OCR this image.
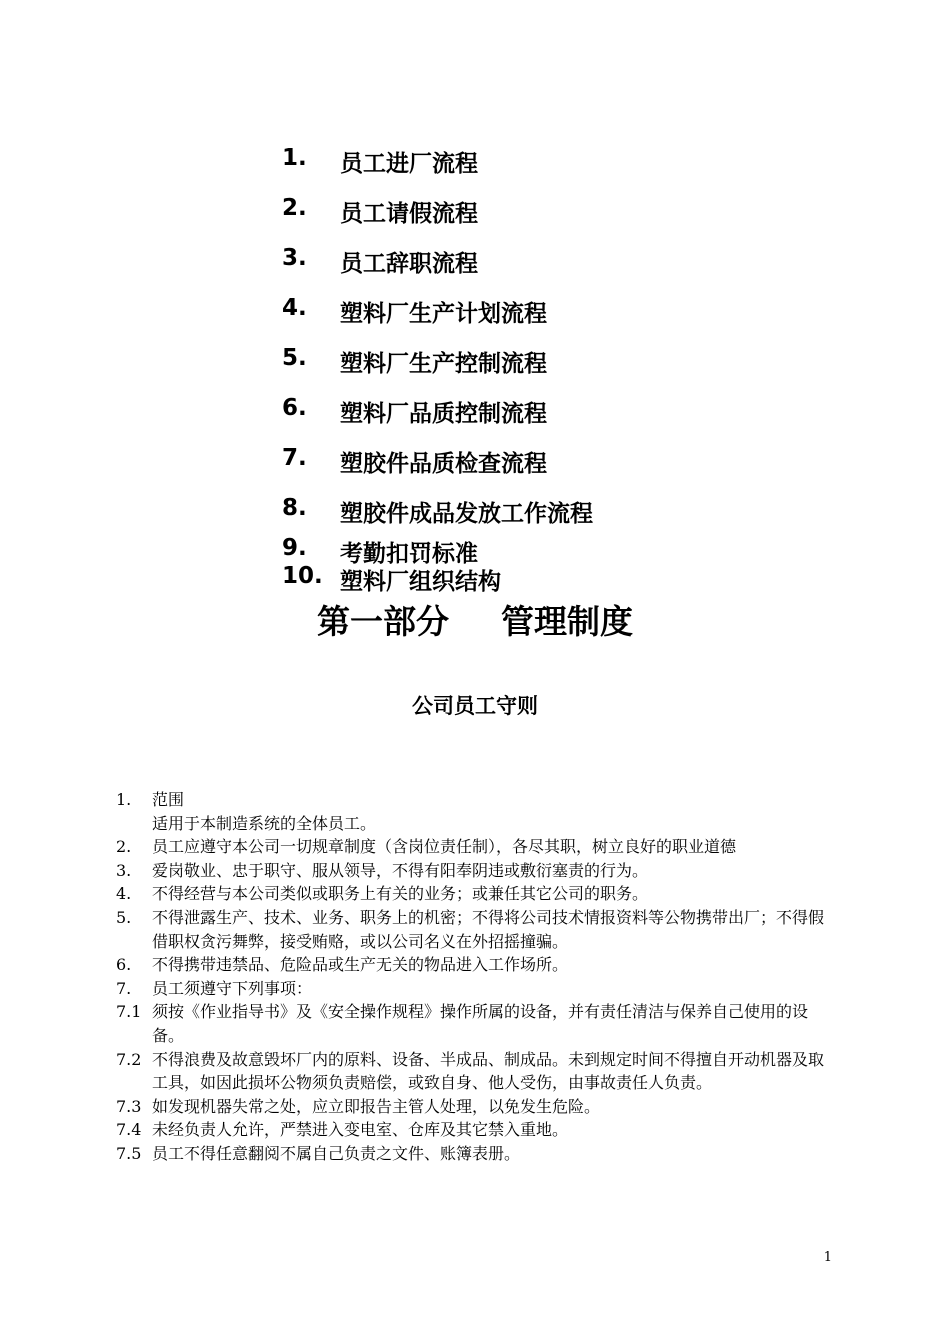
1.	员工进厂流程
2.	员工请假流程
3.	员工辞职流程
4.	塑料厂生产计划流程
5.	塑料厂生产控制流程
6.	塑料厂品质控制流程
7.	塑胶件品质检查流程
8.	塑胶件成品发放工作流程
9.	考勤扣罚标准
10. 塑料厂组织结构
第一部分 管理制度
公司员工守则
1. 范围
适用于本制造系统的全体员工。
2. 员工应遵守本公司一切规章制度（含岗位责任制），各尽其职，树立良好的职业道德
3. 爱岗敬业、忠于职守、服从领导，不得有阳奉阴违或敷衍塞责的行为。
4. 不得经营与本公司类似或职务上有关的业务；或兼任其它公司的职务。
5. 不得泄露生产、技术、业务、职务上的机密；不得将公司技术情报资料等公物携带出厂；不得假借职权贪污舞弊，接受贿赂，或以公司名义在外招摇撞骗。
6. 不得携带违禁品、危险品或生产无关的物品进入工作场所。
7. 员工须遵守下列事项：
7.1 须按《作业指导书》及《安全操作规程》操作所属的设备，并有责任清洁与保养自己使用的设备。
7.2 不得浪费及故意毁坏厂内的原料、设备、半成品、制成品。未到规定时间不得擅自开动机器及取工具，如因此损坏公物须负责赔偿，或致自身、他人受伤，由事故责任人负责。
7.3 如发现机器失常之处，应立即报告主管人处理，以免发生危险。
7.4 未经负责人允许，严禁进入变电室、仓库及其它禁入重地。
7.5 员工不得任意翻阅不属自己负责之文件、账簿表册。
1
